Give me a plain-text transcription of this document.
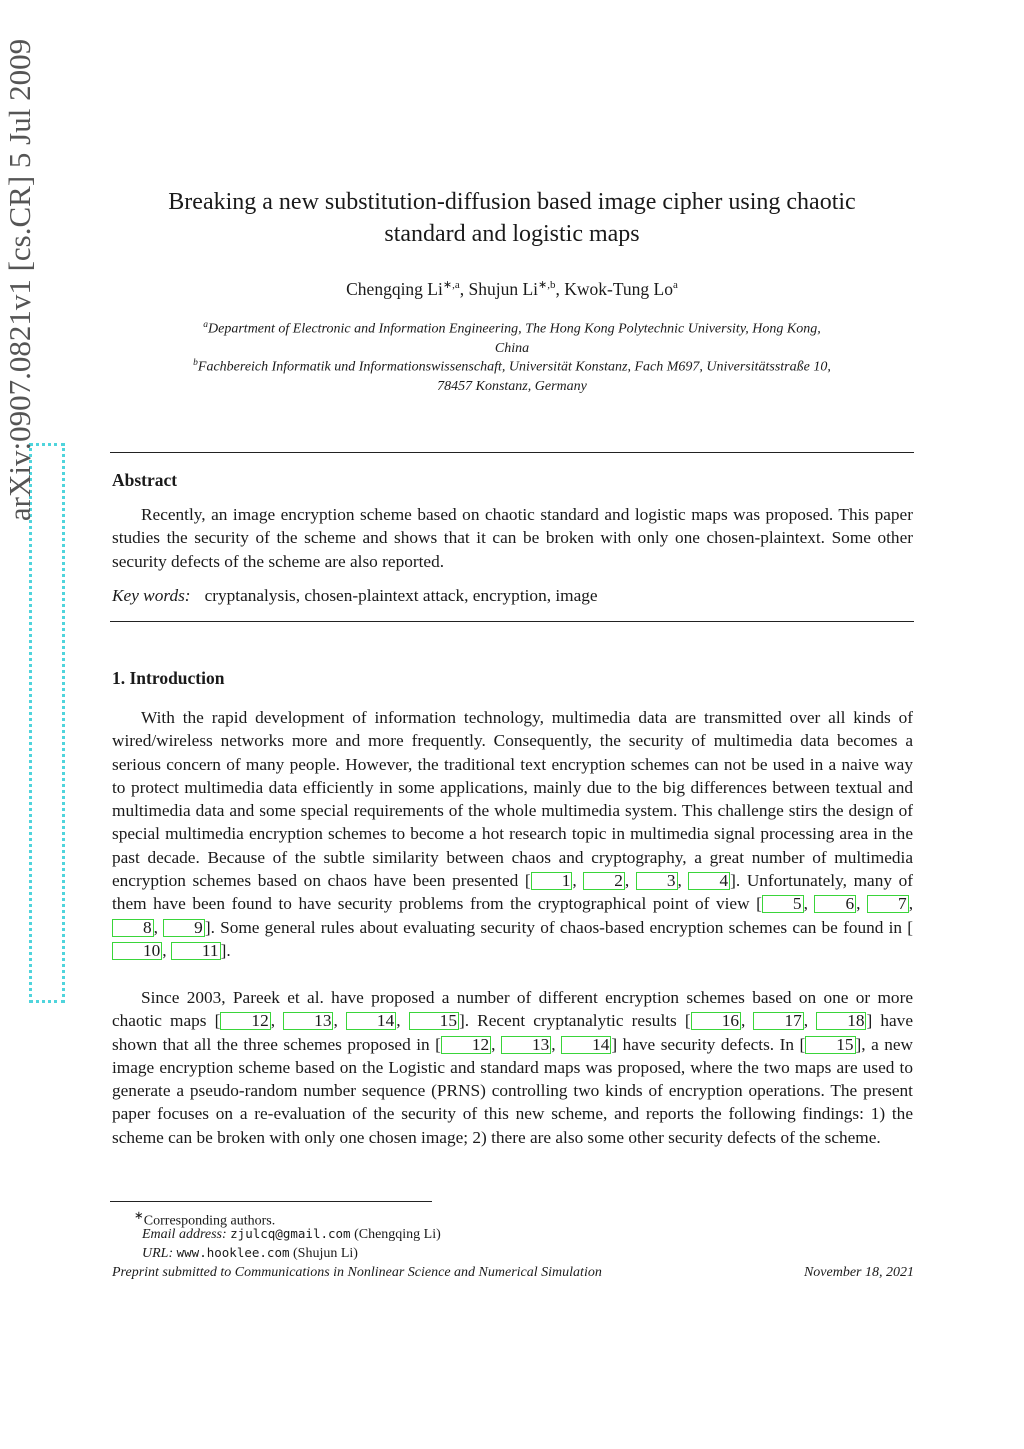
arXiv:0907.0821v1 [cs.CR] 5 Jul 2009	Breaking a new substitution-diffusion based image cipher using chaotic
standard and logistic maps
Chengqing $Li^{∗,a}$, Shujun $Li^{∗,b}$, Kwok-Tung Lo$^a$
$^a$Department of Electronic and Information Engineering, The Hong Kong Polytechnic University, Hong Kong,
China
$^b$Fachbereich Informatik und Informationswissenschaft, Universität Konstanz, Fach M697, Universitätsstraße 10,
78457 Konstanz, Germany
Abstract
Recently, an image encryption scheme based on chaotic standard and logistic maps was proposed. This paper studies the security of the scheme and shows that it can be broken with only one chosen-plaintext. Some other security defects of the scheme are also reported.
Key words: cryptanalysis, chosen-plaintext attack, encryption, image
1. Introduction
With the rapid development of information technology, multimedia data are transmitted over all kinds of wired/wireless networks more and more frequently. Consequently, the security of multimedia data becomes a serious concern of many people. However, the traditional text encryption schemes can not be used in a naive way to protect multimedia data efficiently in some applications, mainly due to the big differences between textual and multimedia data and some special requirements of the whole multimedia system. This challenge stirs the design of special multimedia encryption schemes to become a hot research topic in multimedia signal processing area in the past decade. Because of the subtle similarity between chaos and cryptography, a great number of multimedia encryption schemes based on chaos have been presented [ 1 , 2 , 3 , 4 ]. Unfortunately, many of them have been found to have security problems from the cryptographical point of view [ 5 , 6 , 7 , 8 , 9 ]. Some general rules about evaluating security of chaos-based encryption schemes can be found in [10 , 11 ].
Since 2003, Pareek et al. have proposed a number of different encryption schemes based on one or more chaotic maps [ 12 , 13 , 14 , 15 ]. Recent cryptanalytic results [ 16 , 17 , 18 ] have shown that all the three schemes proposed in [ 12 , 13 , 14 ] have security defects. In [ 15 ], a new image encryption scheme based on the Logistic and standard maps was proposed, where the two maps are used to generate a pseudo-random number sequence (PRNS) controlling two kinds of encryption operations. The present paper focuses on a re-evaluation of the security of this new scheme, and reports the following findings: 1) the scheme can be broken with only one chosen image; 2) there are also some other security defects of the scheme.
∗Corresponding authors.
Email address: zjulcq@gmail.com (Chengqing Li)
URL: www.hooklee.com (Shujun Li)
Preprint submitted to Communications in Nonlinear Science and Numerical Simulation	November 18, 2021
